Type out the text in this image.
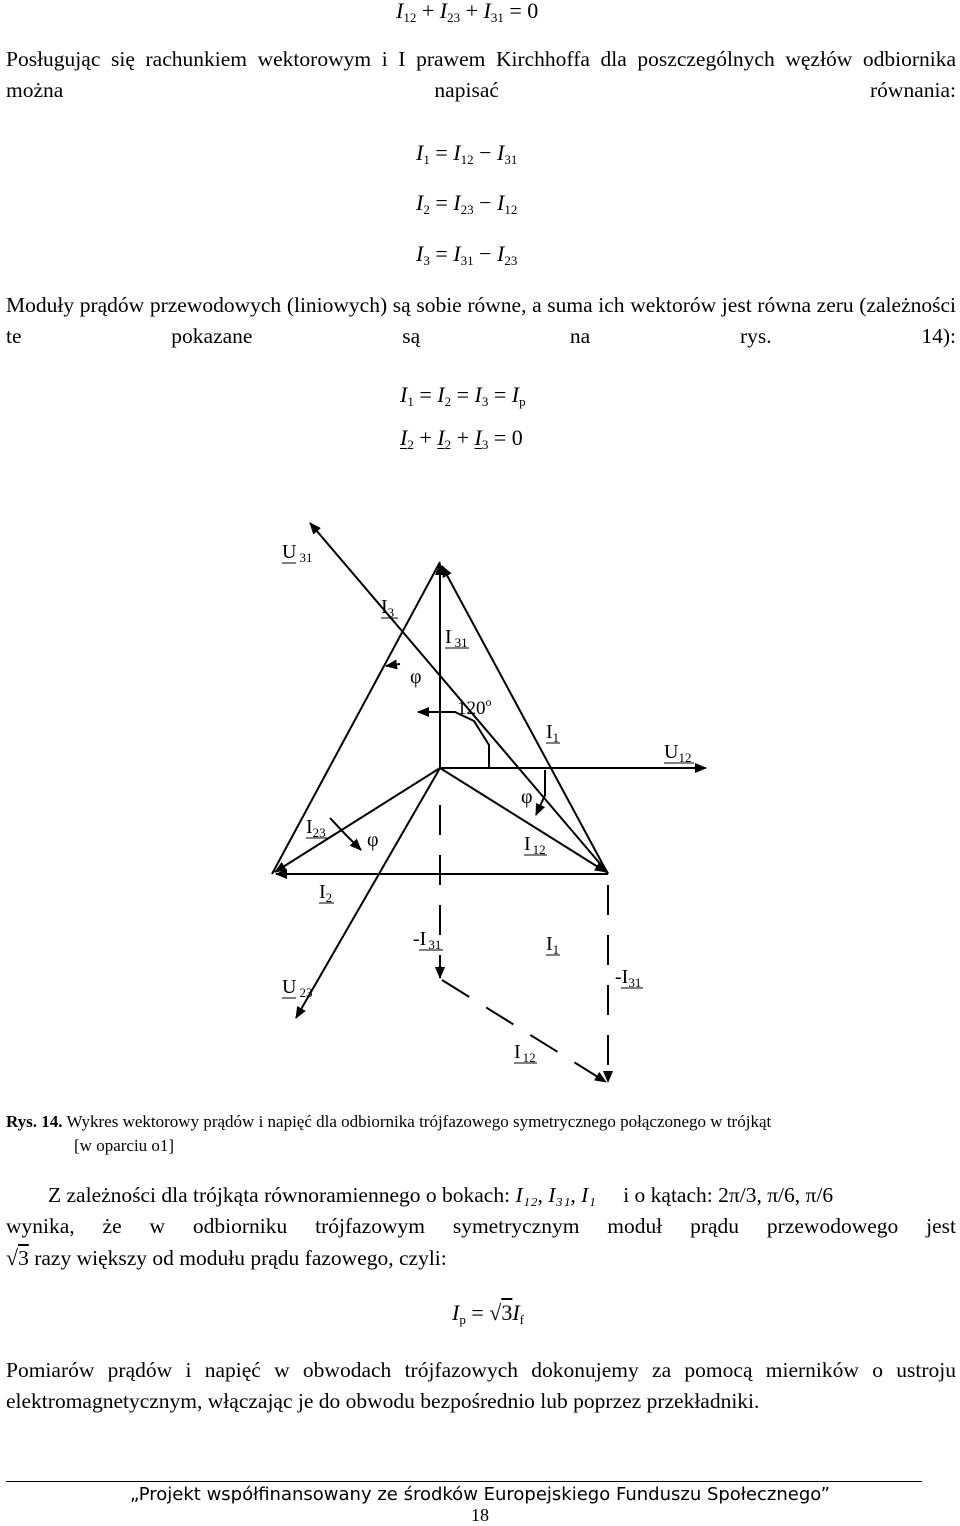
$I_{12} + I_{23} + I_{31} = 0$
Posługując się rachunkiem wektorowym i I prawem Kirchhoffa dla poszczególnych węzłów odbiornika można napisać równania:
$I_1 = I_{12} - I_{31}$
$I_2 = I_{23} - I_{12}$
$I_3 = I_{31} - I_{23}$
Moduły prądów przewodowych (liniowych) są sobie równe, a suma ich wektorów jest równa zeru (zależności te pokazane są na rys. 14):
$I_1 = I_2 = I_3 = I_p$
$I_2 + I_2 + I_3 = 0$
U $_{31}$
$I_3$
I $_{31}$
φ
120$^o$
$I_1$
$U_{12}$
φ
$I_{23}$ φ	I $_{12}$
$I_2$
-I $_{31}$	$I_1$
U $_{23}$
$-I_{31}$
I $_{12}$
Rys. 14. Wykres wektorowy prądów i napięć dla odbiornika trójfazowego symetrycznego połączonego w trójkąt
[w oparciu o1]
Z zależności dla trójkąta równoramiennego o bokach: I₁₂, I₃₁, I₁ i o kątach: 2π/3, π/6, π/6
wynika, że w odbiorniku trójfazowym symetrycznym moduł prądu przewodowego jest
√3 razy większy od modułu prądu fazowego, czyli:
$I_p = √3I_f$
Pomiarów prądów i napięć w obwodach trójfazowych dokonujemy za pomocą mierników o ustroju elektromagnetycznym, włączając je do obwodu bezpośrednio lub poprzez przekładniki.
„Projekt współfinansowany ze środków Europejskiego Funduszu Społecznego”
18
